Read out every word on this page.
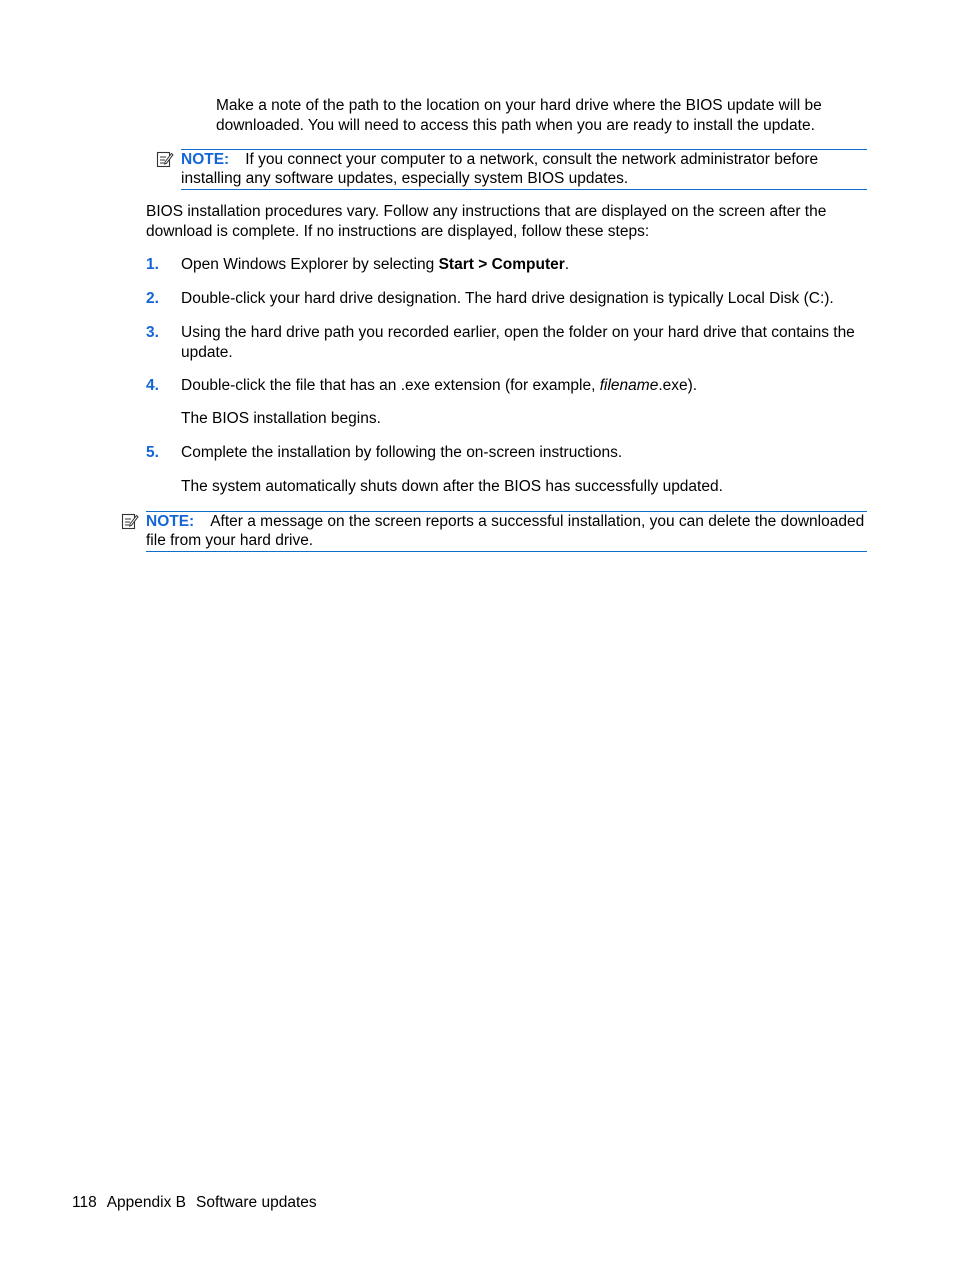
Make a note of the path to the location on your hard drive where the BIOS update will be
downloaded. You will need to access this path when you are ready to install the update.
NOTE: If you connect your computer to a network, consult the network administrator before
installing any software updates, especially system BIOS updates.
BIOS installation procedures vary. Follow any instructions that are displayed on the screen after the
download is complete. If no instructions are displayed, follow these steps:
1. Open Windows Explorer by selecting Start > Computer.
2. Double-click your hard drive designation. The hard drive designation is typically Local Disk (C:).
3. Using the hard drive path you recorded earlier, open the folder on your hard drive that contains the
update.
4. Double-click the file that has an .exe extension (for example, filename.exe).
The BIOS installation begins.
5. Complete the installation by following the on-screen instructions.
The system automatically shuts down after the BIOS has successfully updated.
NOTE: After a message on the screen reports a successful installation, you can delete the downloaded
file from your hard drive.
118 Appendix B Software updates
